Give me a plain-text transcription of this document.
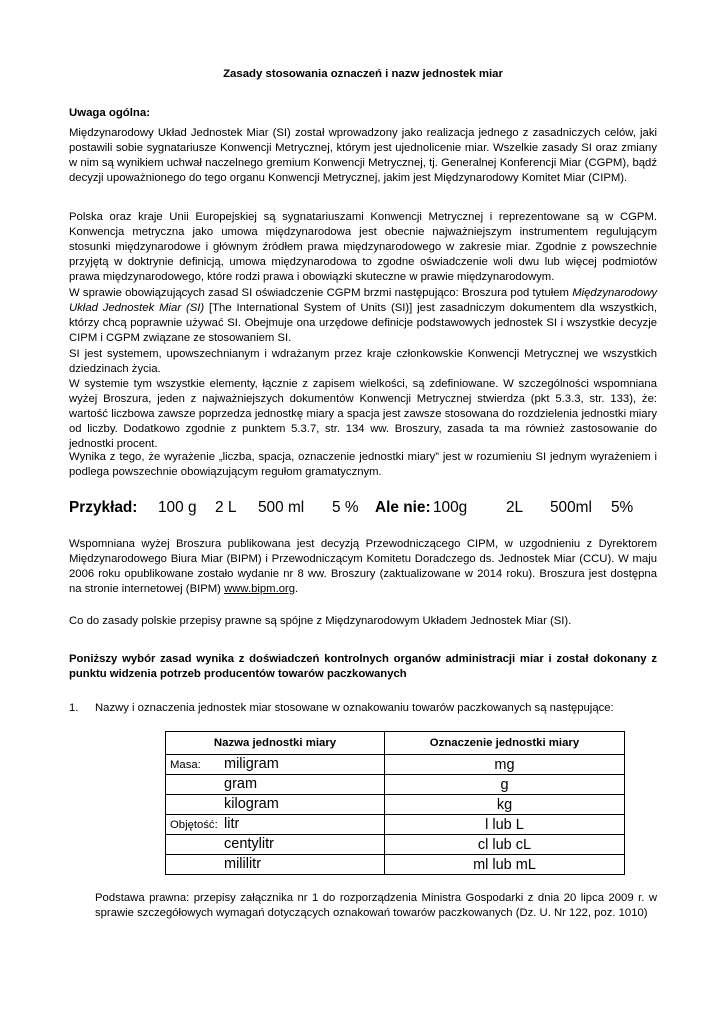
Zasady stosowania oznaczeń i nazw jednostek miar
Uwaga ogólna:

Międzynarodowy Układ Jednostek Miar (SI) został wprowadzony jako realizacja jednego z zasadniczych celów, jaki postawili sobie sygnatariusze Konwencji Metrycznej, którym jest ujednolicenie miar. Wszelkie zasady SI oraz zmiany w nim są wynikiem uchwał naczelnego gremium Konwencji Metrycznej, tj. Generalnej Konferencji Miar (CGPM), bądź decyzji upoważnionego do tego organu Konwencji Metrycznej, jakim jest Międzynarodowy Komitet Miar (CIPM).

Polska oraz kraje Unii Europejskiej są sygnatariuszami Konwencji Metrycznej i reprezentowane są w CGPM. Konwencja metryczna jako umowa międzynarodowa jest obecnie najważniejszym instrumentem regulującym stosunki międzynarodowe i głównym źródłem prawa międzynarodowego w zakresie miar. Zgodnie z powszechnie przyjętą w doktrynie definicją, umowa międzynarodowa to zgodne oświadczenie woli dwu lub więcej podmiotów prawa międzynarodowego, które rodzi prawa i obowiązki skuteczne w prawie międzynarodowym.

W sprawie obowiązujących zasad SI oświadczenie CGPM brzmi następująco: Broszura pod tytułem Międzynarodowy Układ Jednostek Miar (SI) [The International System of Units (SI)] jest zasadniczym dokumentem dla wszystkich, którzy chcą poprawnie używać SI. Obejmuje ona urzędowe definicje podstawowych jednostek SI i wszystkie decyzje CIPM i CGPM związane ze stosowaniem SI.

SI jest systemem, upowszechnianym i wdrażanym przez kraje członkowskie Konwencji Metrycznej we wszystkich dziedzinach życia.

W systemie tym wszystkie elementy, łącznie z zapisem wielkości, są zdefiniowane. W szczególności wspomniana wyżej Broszura, jeden z najważniejszych dokumentów Konwencji Metrycznej stwierdza (pkt 5.3.3, str. 133), że: wartość liczbowa zawsze poprzedza jednostkę miary a spacja jest zawsze stosowana do rozdzielenia jednostki miary od liczby. Dodatkowo zgodnie z punktem 5.3.7, str. 134 ww. Broszury, zasada ta ma również zastosowanie do jednostki procent.

Wynika z tego, że wyrażenie „liczba, spacja, oznaczenie jednostki miary” jest w rozumieniu SI jednym wyrażeniem i podlega powszechnie obowiązującym regułom gramatycznym.

Przykład: 100 g 2 L 500 ml 5 % Ale nie: 100g	2L 500ml 5%

Wspomniana wyżej Broszura publikowana jest decyzją Przewodniczącego CIPM, w uzgodnieniu z Dyrektorem Międzynarodowego Biura Miar (BIPM) i Przewodniczącym Komitetu Doradczego ds. Jednostek Miar (CCU). W maju 2006 roku opublikowane zostało wydanie nr 8 ww. Broszury (zaktualizowane w 2014 roku). Broszura jest dostępna na stronie internetowej (BIPM) www.bipm.org.

Co do zasady polskie przepisy prawne są spójne z Międzynarodowym Układem Jednostek Miar (SI).

Poniższy wybór zasad wynika z doświadczeń kontrolnych organów administracji miar i został dokonany z punktu widzenia potrzeb producentów towarów paczkowanych

1. Nazwy i oznaczenia jednostek miar stosowane w oznakowaniu towarów paczkowanych są następujące:
Nazwa jednostki miary	Oznaczenie jednostki miary

Masa: miligram	mg

gram	g

kilogram	kg

Objętość: litr	l lub L

centylitr	cl lub cL

mililitr	ml lub mL

Podstawa prawna: przepisy załącznika nr 1 do rozporządzenia Ministra Gospodarki z dnia 20 lipca 2009 r. w sprawie szczegółowych wymagań dotyczących oznakowań towarów paczkowanych (Dz. U. Nr 122, poz. 1010)
